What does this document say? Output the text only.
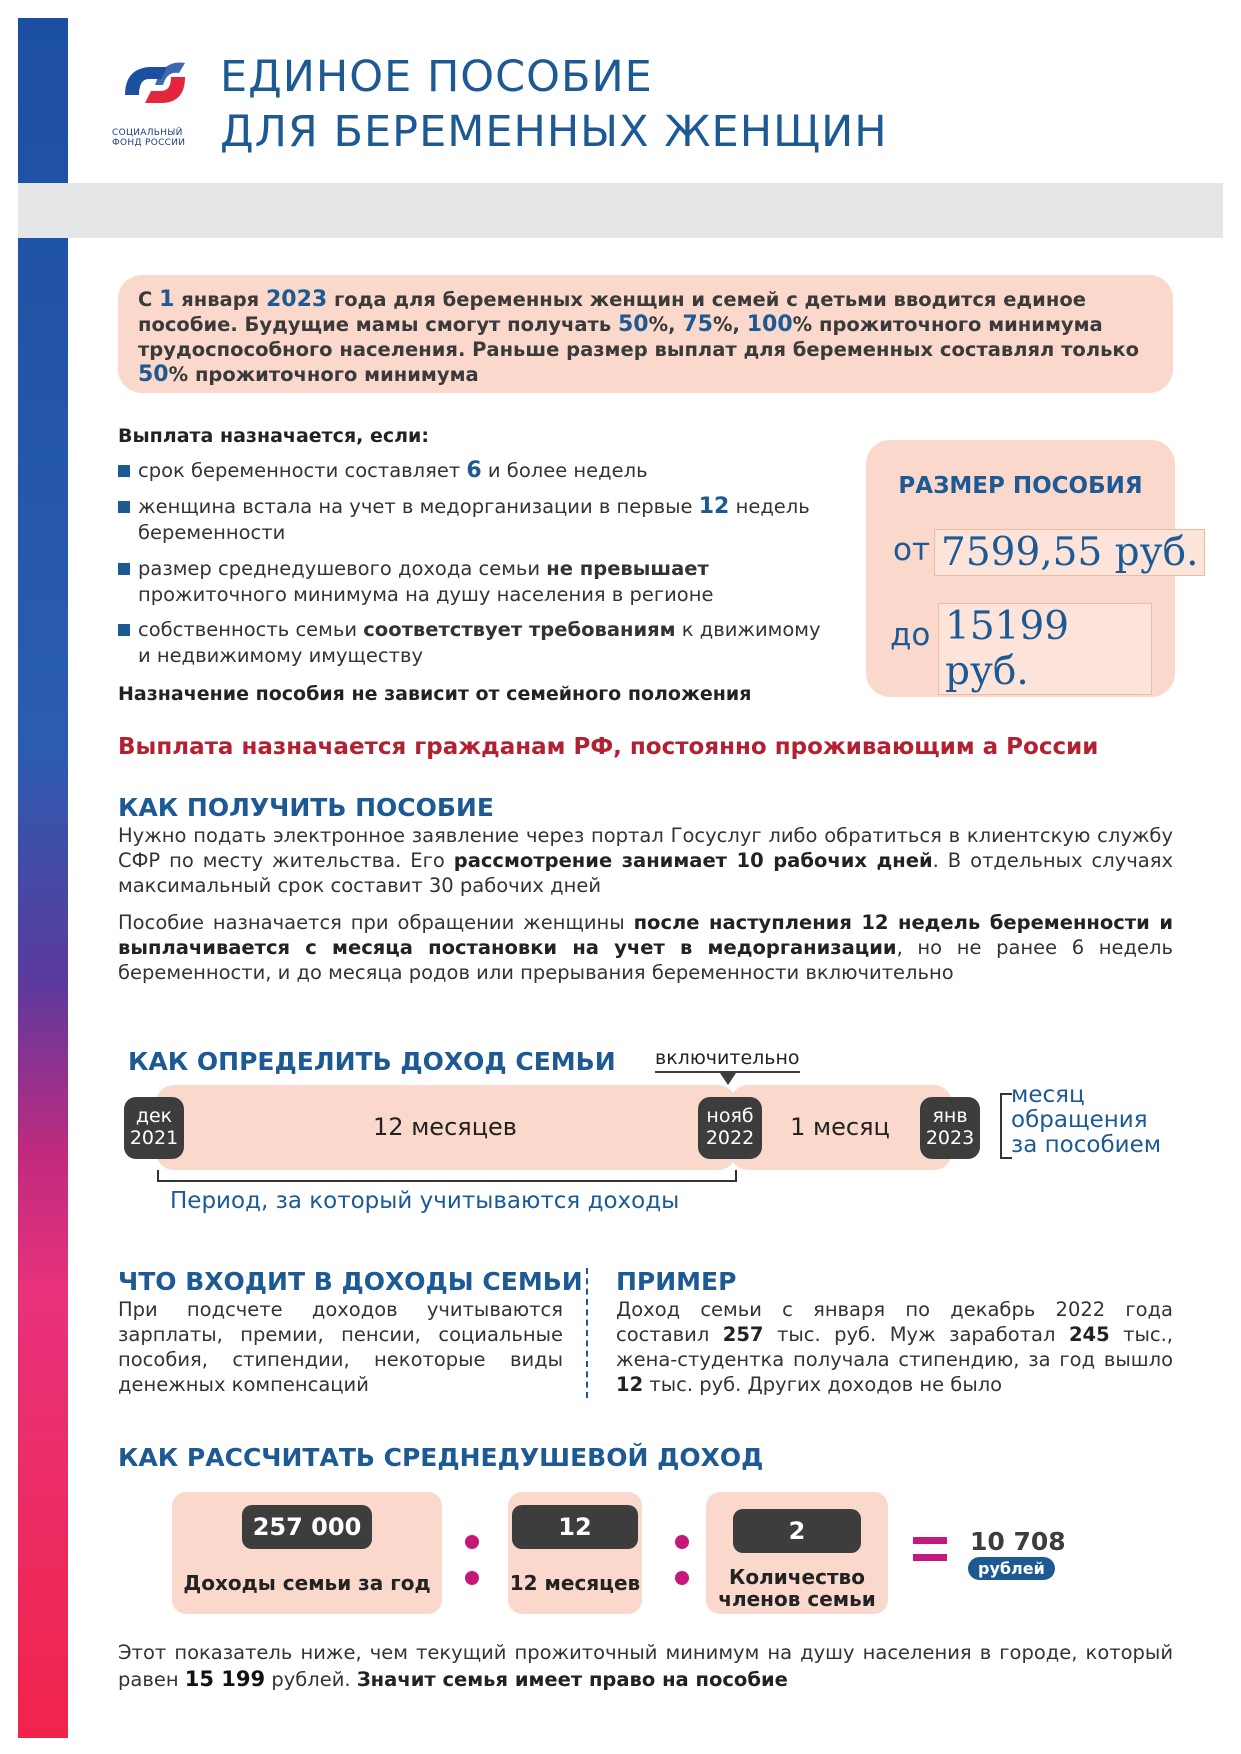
СОЦИАЛЬНЫЙ ФОНД РОССИИ
ЕДИНОЕ ПОСОБИЕ
ДЛЯ БЕРЕМЕННЫХ ЖЕНЩИН
С 1 января 2023 года для беременных женщин и семей с детьми вводится единое пособие. Будущие мамы смогут получать 50%, 75%, 100% прожиточного минимума трудоспособного населения. Раньше размер выплат для беременных составлял только 50% прожиточного минимума
Выплата назначается, если:
срок беременности составляет 6 и более недель
женщина встала на учет в медорганизации в первые 12 недель беременности
размер среднедушевого дохода семьи не превышает прожиточного минимума на душу населения в регионе
собственность семьи соответствует требованиям к движимому и недвижимому имуществу
Назначение пособия не зависит от семейного положения
РАЗМЕР ПОСОБИЯ
от 7599,55 руб.
до 15199 руб.
Выплата назначается гражданам РФ, постоянно проживающим а России
КАК ПОЛУЧИТЬ ПОСОБИЕ
Нужно подать электронное заявление через портал Госуслуг либо обратиться в клиентскую службу СФР по месту жительства. Его рассмотрение занимает 10 рабочих дней. В отдельных случаях максимальный срок составит 30 рабочих дней
Пособие назначается при обращении женщины после наступления 12 недель беременности и выплачивается с месяца постановки на учет в медорганизации, но не ранее 6 недель беременности, и до месяца родов или прерывания беременности включительно
КАК ОПРЕДЕЛИТЬ ДОХОД СЕМЬИ включительно
дек
2021	12 месяцев	нояб
2022	1 месяц	янв
2023
месяц
обращения
за пособием
Период, за который учитываются доходы
ЧТО ВХОДИТ В ДОХОДЫ СЕМЬИ
При подсчете доходов учитываются зарплаты, премии, пенсии, социальные пособия, стипендии, некоторые виды денежных компенсаций
ПРИМЕР
Доход семьи с января по декабрь 2022 года составил 257 тыс. руб. Муж заработал 245 тыс., жена-студентка получала стипендию, за год вышло 12 тыс. руб. Других доходов не было
КАК РАССЧИТАТЬ СРЕДНЕДУШЕВОЙ ДОХОД
257 000
Доходы семьи за год
12
12 месяцев
2
Количество
членов семьи
10 708
рублей
Этот показатель ниже, чем текущий прожиточный минимум на душу населения в городе, который равен 15 199 рублей. Значит семья имеет право на пособие
